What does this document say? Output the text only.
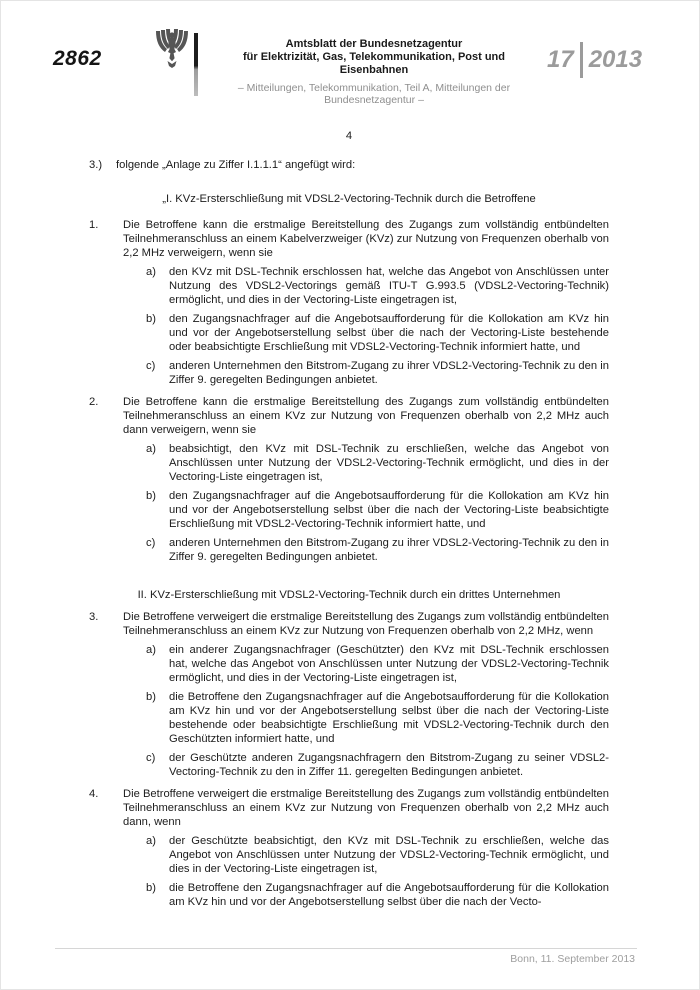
2862
Amtsblatt der Bundesnetzagentur
für Elektrizität, Gas, Telekommunikation, Post und Eisenbahnen
– Mitteilungen, Telekommunikation, Teil A, Mitteilungen der Bundesnetzagentur –
17 2013
4
3.)	folgende „Anlage zu Ziffer I.1.1.1“ angefügt wird:
„I. KVz-Ersterschließung mit VDSL2-Vectoring-Technik durch die Betroffene
1.	Die Betroffene kann die erstmalige Bereitstellung des Zugangs zum vollständig entbündelten Teilnehmeranschluss an einem Kabelverzweiger (KVz) zur Nutzung von Frequenzen oberhalb von 2,2 MHz verweigern, wenn sie
a)	den KVz mit DSL-Technik erschlossen hat, welche das Angebot von Anschlüssen unter Nutzung des VDSL2-Vectorings gemäß ITU-T G.993.5 (VDSL2-Vectoring-Technik) ermöglicht, und dies in der Vectoring-Liste eingetragen ist,
b)	den Zugangsnachfrager auf die Angebotsaufforderung für die Kollokation am KVz hin und vor der Angebotserstellung selbst über die nach der Vectoring-Liste bestehende oder beabsichtigte Erschließung mit VDSL2-Vectoring-Technik informiert hatte, und
c)	anderen Unternehmen den Bitstrom-Zugang zu ihrer VDSL2-Vectoring-Technik zu den in Ziffer 9. geregelten Bedingungen anbietet.
2.	Die Betroffene kann die erstmalige Bereitstellung des Zugangs zum vollständig entbündelten Teilnehmeranschluss an einem KVz zur Nutzung von Frequenzen oberhalb von 2,2 MHz auch dann verweigern, wenn sie
a)	beabsichtigt, den KVz mit DSL-Technik zu erschließen, welche das Angebot von Anschlüssen unter Nutzung der VDSL2-Vectoring-Technik ermöglicht, und dies in der Vectoring-Liste eingetragen ist,
b)	den Zugangsnachfrager auf die Angebotsaufforderung für die Kollokation am KVz hin und vor der Angebotserstellung selbst über die nach der Vectoring-Liste beabsichtigte Erschließung mit VDSL2-Vectoring-Technik informiert hatte, und
c)	anderen Unternehmen den Bitstrom-Zugang zu ihrer VDSL2-Vectoring-Technik zu den in Ziffer 9. geregelten Bedingungen anbietet.
II. KVz-Ersterschließung mit VDSL2-Vectoring-Technik durch ein drittes Unternehmen
3.	Die Betroffene verweigert die erstmalige Bereitstellung des Zugangs zum vollständig entbündelten Teilnehmeranschluss an einem KVz zur Nutzung von Frequenzen oberhalb von 2,2 MHz, wenn
a)	ein anderer Zugangsnachfrager (Geschützter) den KVz mit DSL-Technik erschlossen hat, welche das Angebot von Anschlüssen unter Nutzung der VDSL2-Vectoring-Technik ermöglicht, und dies in der Vectoring-Liste eingetragen ist,
b)	die Betroffene den Zugangsnachfrager auf die Angebotsaufforderung für die Kollokation am KVz hin und vor der Angebotserstellung selbst über die nach der Vectoring-Liste bestehende oder beabsichtigte Erschließung mit VDSL2-Vectoring-Technik durch den Geschützten informiert hatte, und
c)	der Geschützte anderen Zugangsnachfragern den Bitstrom-Zugang zu seiner VDSL2-Vectoring-Technik zu den in Ziffer 11. geregelten Bedingungen anbietet.
4.	Die Betroffene verweigert die erstmalige Bereitstellung des Zugangs zum vollständig entbündelten Teilnehmeranschluss an einem KVz zur Nutzung von Frequenzen oberhalb von 2,2 MHz auch dann, wenn
a)	der Geschützte beabsichtigt, den KVz mit DSL-Technik zu erschließen, welche das Angebot von Anschlüssen unter Nutzung der VDSL2-Vectoring-Technik ermöglicht, und dies in der Vectoring-Liste eingetragen ist,
b)	die Betroffene den Zugangsnachfrager auf die Angebotsaufforderung für die Kollokation am KVz hin und vor der Angebotserstellung selbst über die nach der Vecto-
Bonn, 11. September 2013
